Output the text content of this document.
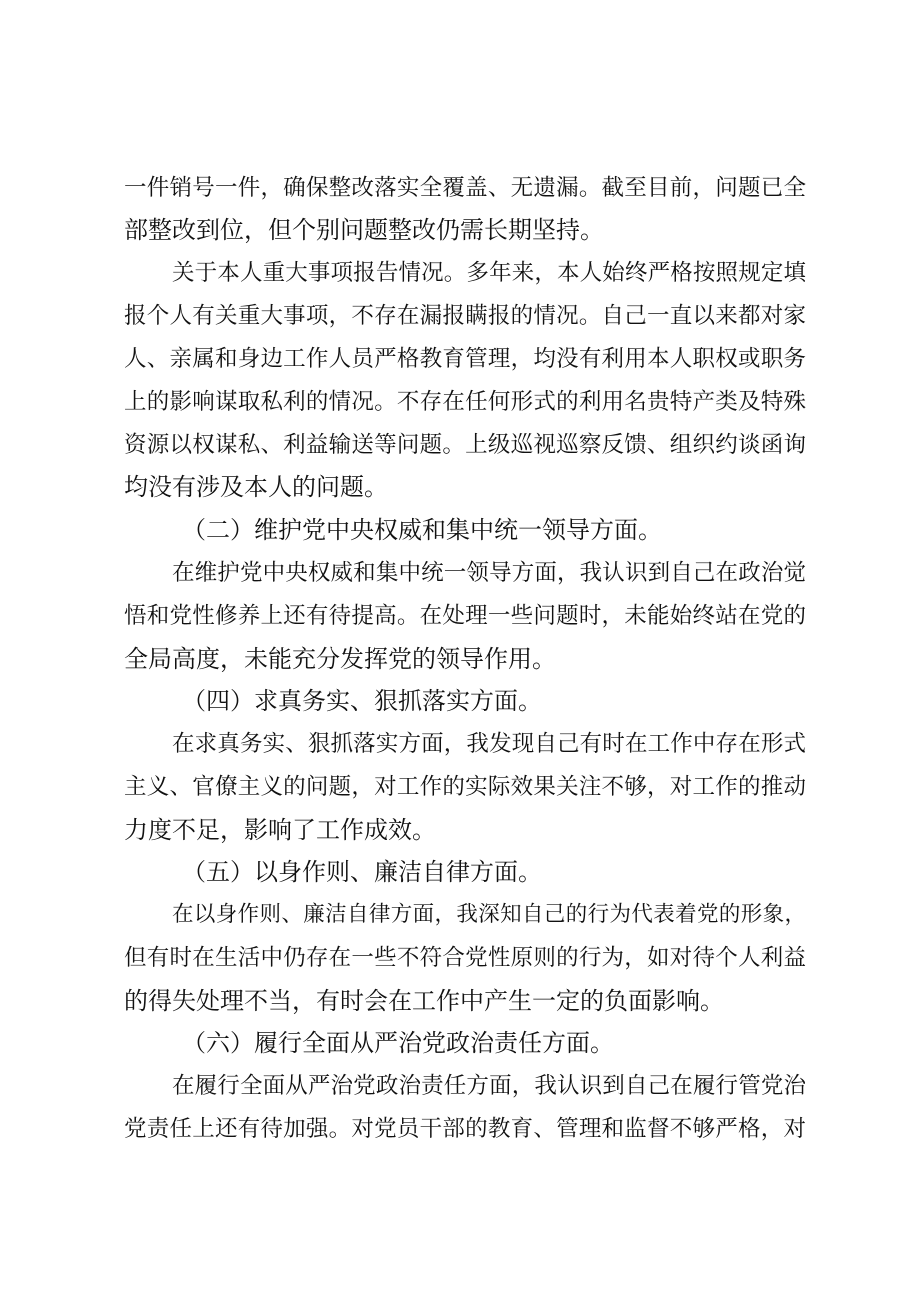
一件销号一件，确保整改落实全覆盖、无遗漏。截至目前，问题已全
部整改到位，但个别问题整改仍需长期坚持。
关于本人重大事项报告情况。多年来，本人始终严格按照规定填
报个人有关重大事项，不存在漏报瞒报的情况。自己一直以来都对家
人、亲属和身边工作人员严格教育管理，均没有利用本人职权或职务
上的影响谋取私利的情况。不存在任何形式的利用名贵特产类及特殊
资源以权谋私、利益输送等问题。上级巡视巡察反馈、组织约谈函询
均没有涉及本人的问题。
（二）维护党中央权威和集中统一领导方面。
在维护党中央权威和集中统一领导方面，我认识到自己在政治觉
悟和党性修养上还有待提高。在处理一些问题时，未能始终站在党的
全局高度，未能充分发挥党的领导作用。
（四）求真务实、狠抓落实方面。
在求真务实、狠抓落实方面，我发现自己有时在工作中存在形式
主义、官僚主义的问题，对工作的实际效果关注不够，对工作的推动
力度不足，影响了工作成效。
（五）以身作则、廉洁自律方面。
在以身作则、廉洁自律方面，我深知自己的行为代表着党的形象，
但有时在生活中仍存在一些不符合党性原则的行为，如对待个人利益
的得失处理不当，有时会在工作中产生一定的负面影响。
（六）履行全面从严治党政治责任方面。
在履行全面从严治党政治责任方面，我认识到自己在履行管党治
党责任上还有待加强。对党员干部的教育、管理和监督不够严格，对
